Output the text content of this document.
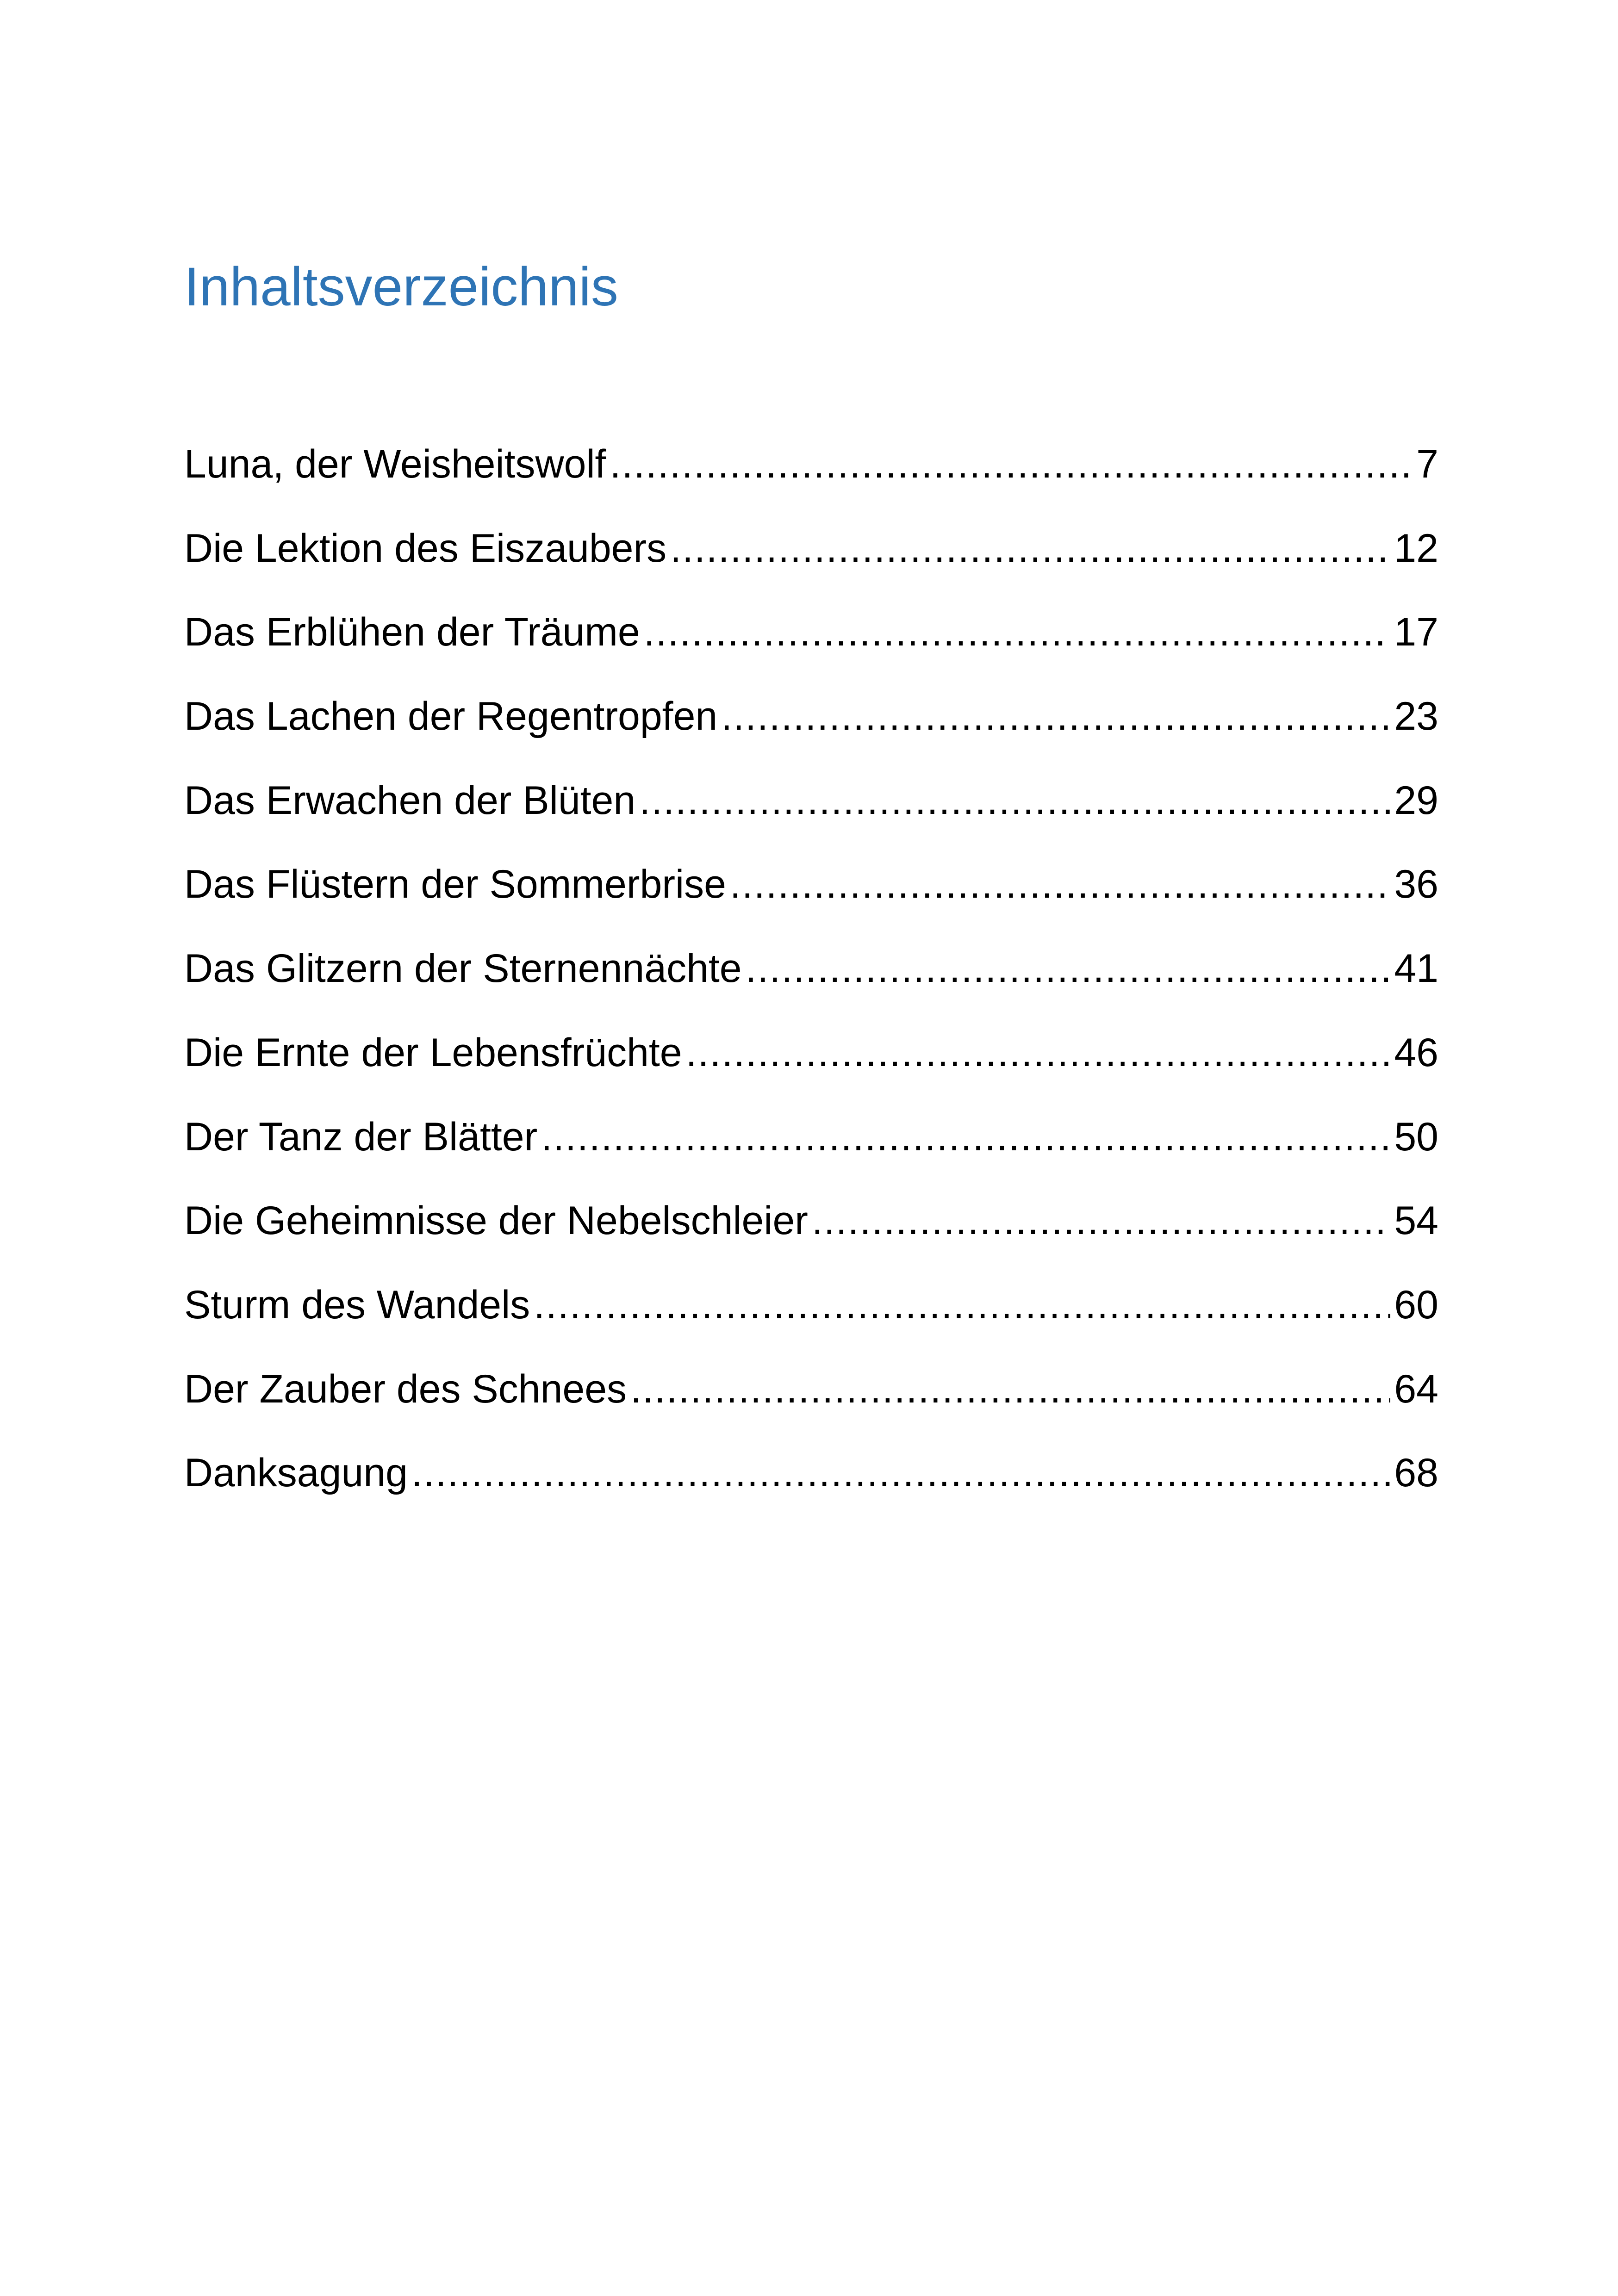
Inhaltsverzeichnis
Luna, der Weisheitswolf .....	7
Die Lektion des Eiszaubers .....	12
Das Erblühen der Träume .....	17
Das Lachen der Regentropfen .....	23
Das Erwachen der Blüten .....	29
Das Flüstern der Sommerbrise .....	36
Das Glitzern der Sternennächte .....	41
Die Ernte der Lebensfrüchte .....	46
Der Tanz der Blätter .....	50
Die Geheimnisse der Nebelschleier .....	54
Sturm des Wandels .....	60
Der Zauber des Schnees .....	64
Danksagung .....	68
